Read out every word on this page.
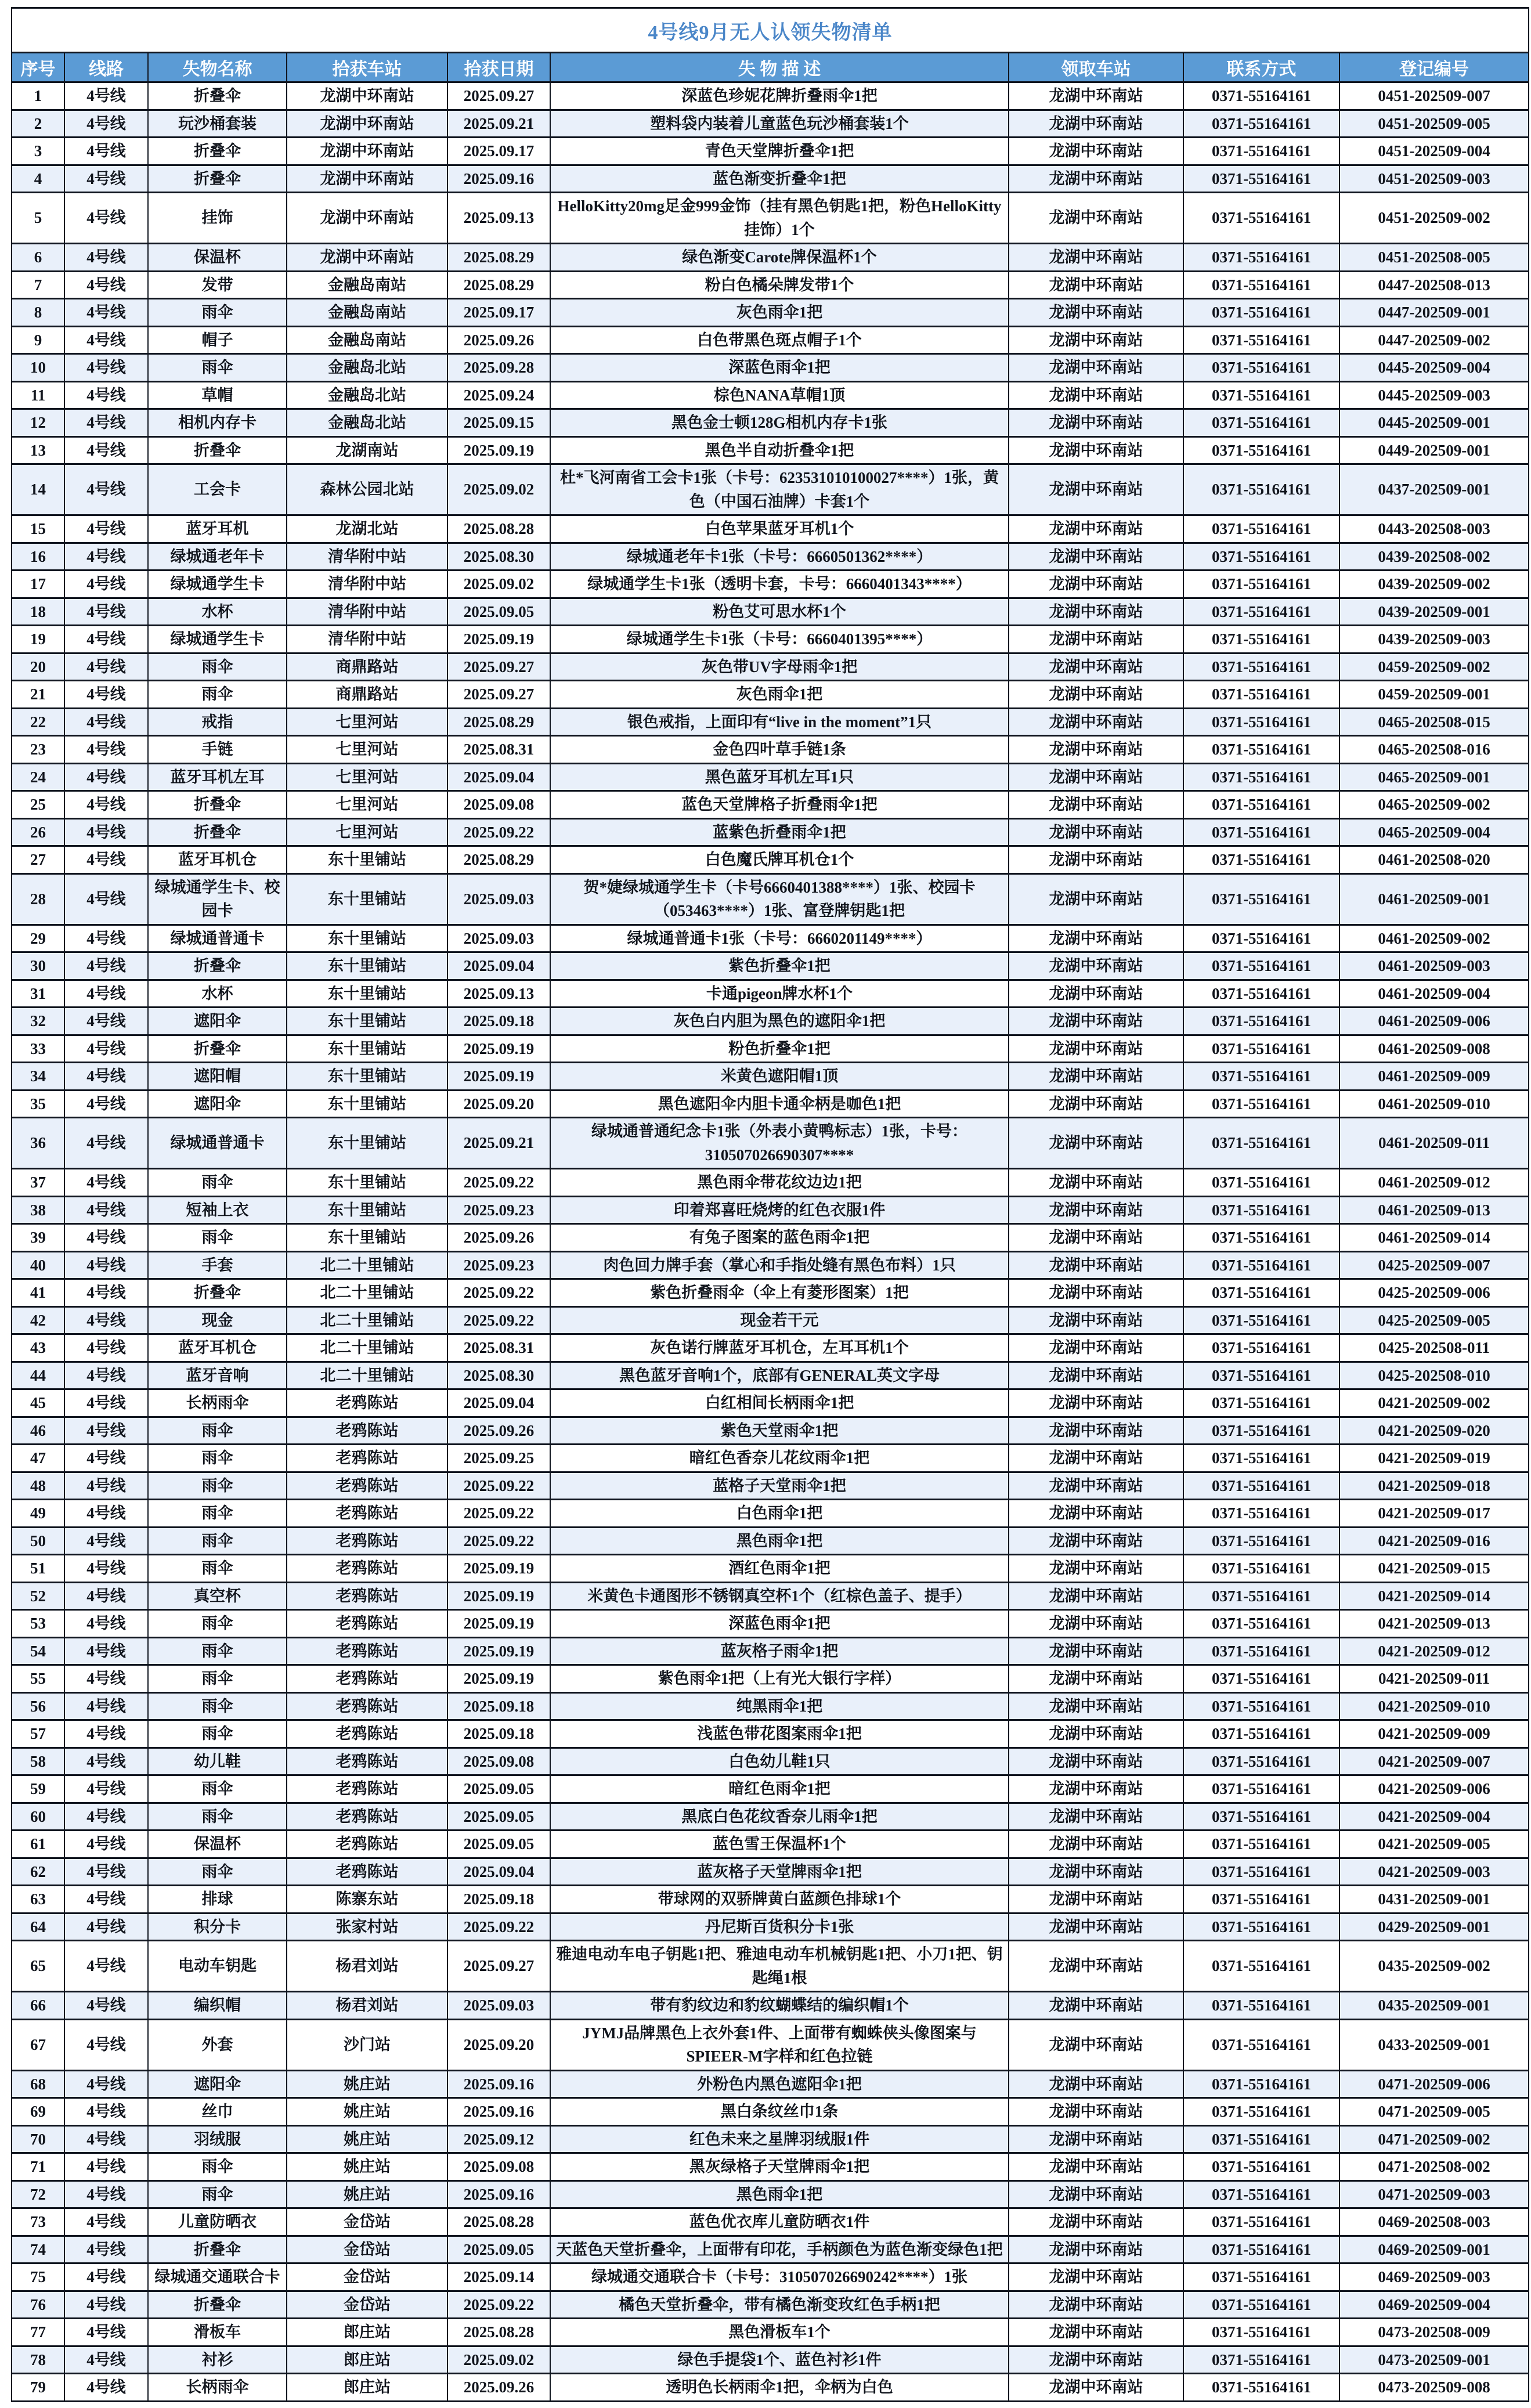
4号线9月无人认领失物清单								
序号	线路	失物名称	拾获车站	拾获日期	失 物 描 述	领取车站	联系方式	登记编号
1	4号线	折叠伞	龙湖中环南站	2025.09.27	深蓝色珍妮花牌折叠雨伞1把	龙湖中环南站	0371-55164161	0451-202509-007
2	4号线	玩沙桶套装	龙湖中环南站	2025.09.21	塑料袋内装着儿童蓝色玩沙桶套装1个	龙湖中环南站	0371-55164161	0451-202509-005
3	4号线	折叠伞	龙湖中环南站	2025.09.17	青色天堂牌折叠伞1把	龙湖中环南站	0371-55164161	0451-202509-004
4	4号线	折叠伞	龙湖中环南站	2025.09.16	蓝色渐变折叠伞1把	龙湖中环南站	0371-55164161	0451-202509-003
5	4号线	挂饰	龙湖中环南站	2025.09.13	HelloKitty20mg足金999金饰（挂有黑色钥匙1把，粉色HelloKitty挂饰）1个	龙湖中环南站	0371-55164161	0451-202509-002
6	4号线	保温杯	龙湖中环南站	2025.08.29	绿色渐变Carote牌保温杯1个	龙湖中环南站	0371-55164161	0451-202508-005
7	4号线	发带	金融岛南站	2025.08.29	粉白色橘朵牌发带1个	龙湖中环南站	0371-55164161	0447-202508-013
8	4号线	雨伞	金融岛南站	2025.09.17	灰色雨伞1把	龙湖中环南站	0371-55164161	0447-202509-001
9	4号线	帽子	金融岛南站	2025.09.26	白色带黑色斑点帽子1个	龙湖中环南站	0371-55164161	0447-202509-002
10	4号线	雨伞	金融岛北站	2025.09.28	深蓝色雨伞1把	龙湖中环南站	0371-55164161	0445-202509-004
11	4号线	草帽	金融岛北站	2025.09.24	棕色NANA草帽1顶	龙湖中环南站	0371-55164161	0445-202509-003
12	4号线	相机内存卡	金融岛北站	2025.09.15	黑色金士顿128G相机内存卡1张	龙湖中环南站	0371-55164161	0445-202509-001
13	4号线	折叠伞	龙湖南站	2025.09.19	黑色半自动折叠伞1把	龙湖中环南站	0371-55164161	0449-202509-001
14	4号线	工会卡	森林公园北站	2025.09.02	杜*飞河南省工会卡1张（卡号：623531010100027****）1张，黄色（中国石油牌）卡套1个	龙湖中环南站	0371-55164161	0437-202509-001
15	4号线	蓝牙耳机	龙湖北站	2025.08.28	白色苹果蓝牙耳机1个	龙湖中环南站	0371-55164161	0443-202508-003
16	4号线	绿城通老年卡	清华附中站	2025.08.30	绿城通老年卡1张（卡号：6660501362****）	龙湖中环南站	0371-55164161	0439-202508-002
17	4号线	绿城通学生卡	清华附中站	2025.09.02	绿城通学生卡1张（透明卡套，卡号：6660401343****）	龙湖中环南站	0371-55164161	0439-202509-002
18	4号线	水杯	清华附中站	2025.09.05	粉色艾可思水杯1个	龙湖中环南站	0371-55164161	0439-202509-001
19	4号线	绿城通学生卡	清华附中站	2025.09.19	绿城通学生卡1张（卡号：6660401395****）	龙湖中环南站	0371-55164161	0439-202509-003
20	4号线	雨伞	商鼎路站	2025.09.27	灰色带UV字母雨伞1把	龙湖中环南站	0371-55164161	0459-202509-002
21	4号线	雨伞	商鼎路站	2025.09.27	灰色雨伞1把	龙湖中环南站	0371-55164161	0459-202509-001
22	4号线	戒指	七里河站	2025.08.29	银色戒指，上面印有“live in the moment”1只	龙湖中环南站	0371-55164161	0465-202508-015
23	4号线	手链	七里河站	2025.08.31	金色四叶草手链1条	龙湖中环南站	0371-55164161	0465-202508-016
24	4号线	蓝牙耳机左耳	七里河站	2025.09.04	黑色蓝牙耳机左耳1只	龙湖中环南站	0371-55164161	0465-202509-001
25	4号线	折叠伞	七里河站	2025.09.08	蓝色天堂牌格子折叠雨伞1把	龙湖中环南站	0371-55164161	0465-202509-002
26	4号线	折叠伞	七里河站	2025.09.22	蓝紫色折叠雨伞1把	龙湖中环南站	0371-55164161	0465-202509-004
27	4号线	蓝牙耳机仓	东十里铺站	2025.08.29	白色魔氏牌耳机仓1个	龙湖中环南站	0371-55164161	0461-202508-020
28	4号线	绿城通学生卡、校园卡	东十里铺站	2025.09.03	贺*婕绿城通学生卡（卡号6660401388****）1张、校园卡（053463****）1张、富登牌钥匙1把	龙湖中环南站	0371-55164161	0461-202509-001
29	4号线	绿城通普通卡	东十里铺站	2025.09.03	绿城通普通卡1张（卡号：6660201149****）	龙湖中环南站	0371-55164161	0461-202509-002
30	4号线	折叠伞	东十里铺站	2025.09.04	紫色折叠伞1把	龙湖中环南站	0371-55164161	0461-202509-003
31	4号线	水杯	东十里铺站	2025.09.13	卡通pigeon牌水杯1个	龙湖中环南站	0371-55164161	0461-202509-004
32	4号线	遮阳伞	东十里铺站	2025.09.18	灰色白内胆为黑色的遮阳伞1把	龙湖中环南站	0371-55164161	0461-202509-006
33	4号线	折叠伞	东十里铺站	2025.09.19	粉色折叠伞1把	龙湖中环南站	0371-55164161	0461-202509-008
34	4号线	遮阳帽	东十里铺站	2025.09.19	米黄色遮阳帽1顶	龙湖中环南站	0371-55164161	0461-202509-009
35	4号线	遮阳伞	东十里铺站	2025.09.20	黑色遮阳伞内胆卡通伞柄是咖色1把	龙湖中环南站	0371-55164161	0461-202509-010
36	4号线	绿城通普通卡	东十里铺站	2025.09.21	绿城通普通纪念卡1张（外表小黄鸭标志）1张，卡号：310507026690307****	龙湖中环南站	0371-55164161	0461-202509-011
37	4号线	雨伞	东十里铺站	2025.09.22	黑色雨伞带花纹边边1把	龙湖中环南站	0371-55164161	0461-202509-012
38	4号线	短袖上衣	东十里铺站	2025.09.23	印着郑喜旺烧烤的红色衣服1件	龙湖中环南站	0371-55164161	0461-202509-013
39	4号线	雨伞	东十里铺站	2025.09.26	有兔子图案的蓝色雨伞1把	龙湖中环南站	0371-55164161	0461-202509-014
40	4号线	手套	北二十里铺站	2025.09.23	肉色回力牌手套（掌心和手指处缝有黑色布料）1只	龙湖中环南站	0371-55164161	0425-202509-007
41	4号线	折叠伞	北二十里铺站	2025.09.22	紫色折叠雨伞（伞上有菱形图案）1把	龙湖中环南站	0371-55164161	0425-202509-006
42	4号线	现金	北二十里铺站	2025.09.22	现金若干元	龙湖中环南站	0371-55164161	0425-202509-005
43	4号线	蓝牙耳机仓	北二十里铺站	2025.08.31	灰色诺行牌蓝牙耳机仓，左耳耳机1个	龙湖中环南站	0371-55164161	0425-202508-011
44	4号线	蓝牙音响	北二十里铺站	2025.08.30	黑色蓝牙音响1个，底部有GENERAL英文字母	龙湖中环南站	0371-55164161	0425-202508-010
45	4号线	长柄雨伞	老鸦陈站	2025.09.04	白红相间长柄雨伞1把	龙湖中环南站	0371-55164161	0421-202509-002
46	4号线	雨伞	老鸦陈站	2025.09.26	紫色天堂雨伞1把	龙湖中环南站	0371-55164161	0421-202509-020
47	4号线	雨伞	老鸦陈站	2025.09.25	暗红色香奈儿花纹雨伞1把	龙湖中环南站	0371-55164161	0421-202509-019
48	4号线	雨伞	老鸦陈站	2025.09.22	蓝格子天堂雨伞1把	龙湖中环南站	0371-55164161	0421-202509-018
49	4号线	雨伞	老鸦陈站	2025.09.22	白色雨伞1把	龙湖中环南站	0371-55164161	0421-202509-017
50	4号线	雨伞	老鸦陈站	2025.09.22	黑色雨伞1把	龙湖中环南站	0371-55164161	0421-202509-016
51	4号线	雨伞	老鸦陈站	2025.09.19	酒红色雨伞1把	龙湖中环南站	0371-55164161	0421-202509-015
52	4号线	真空杯	老鸦陈站	2025.09.19	米黄色卡通图形不锈钢真空杯1个（红棕色盖子、提手）	龙湖中环南站	0371-55164161	0421-202509-014
53	4号线	雨伞	老鸦陈站	2025.09.19	深蓝色雨伞1把	龙湖中环南站	0371-55164161	0421-202509-013
54	4号线	雨伞	老鸦陈站	2025.09.19	蓝灰格子雨伞1把	龙湖中环南站	0371-55164161	0421-202509-012
55	4号线	雨伞	老鸦陈站	2025.09.19	紫色雨伞1把（上有光大银行字样）	龙湖中环南站	0371-55164161	0421-202509-011
56	4号线	雨伞	老鸦陈站	2025.09.18	纯黑雨伞1把	龙湖中环南站	0371-55164161	0421-202509-010
57	4号线	雨伞	老鸦陈站	2025.09.18	浅蓝色带花图案雨伞1把	龙湖中环南站	0371-55164161	0421-202509-009
58	4号线	幼儿鞋	老鸦陈站	2025.09.08	白色幼儿鞋1只	龙湖中环南站	0371-55164161	0421-202509-007
59	4号线	雨伞	老鸦陈站	2025.09.05	暗红色雨伞1把	龙湖中环南站	0371-55164161	0421-202509-006
60	4号线	雨伞	老鸦陈站	2025.09.05	黑底白色花纹香奈儿雨伞1把	龙湖中环南站	0371-55164161	0421-202509-004
61	4号线	保温杯	老鸦陈站	2025.09.05	蓝色雪王保温杯1个	龙湖中环南站	0371-55164161	0421-202509-005
62	4号线	雨伞	老鸦陈站	2025.09.04	蓝灰格子天堂牌雨伞1把	龙湖中环南站	0371-55164161	0421-202509-003
63	4号线	排球	陈寨东站	2025.09.18	带球网的双骄牌黄白蓝颜色排球1个	龙湖中环南站	0371-55164161	0431-202509-001
64	4号线	积分卡	张家村站	2025.09.22	丹尼斯百货积分卡1张	龙湖中环南站	0371-55164161	0429-202509-001
65	4号线	电动车钥匙	杨君刘站	2025.09.27	雅迪电动车电子钥匙1把、雅迪电动车机械钥匙1把、小刀1把、钥匙绳1根	龙湖中环南站	0371-55164161	0435-202509-002
66	4号线	编织帽	杨君刘站	2025.09.03	带有豹纹边和豹纹蝴蝶结的编织帽1个	龙湖中环南站	0371-55164161	0435-202509-001
67	4号线	外套	沙门站	2025.09.20	JYMJ品牌黑色上衣外套1件、上面带有蜘蛛侠头像图案与SPIEER-M字样和红色拉链	龙湖中环南站	0371-55164161	0433-202509-001
68	4号线	遮阳伞	姚庄站	2025.09.16	外粉色内黑色遮阳伞1把	龙湖中环南站	0371-55164161	0471-202509-006
69	4号线	丝巾	姚庄站	2025.09.16	黑白条纹丝巾1条	龙湖中环南站	0371-55164161	0471-202509-005
70	4号线	羽绒服	姚庄站	2025.09.12	红色未来之星牌羽绒服1件	龙湖中环南站	0371-55164161	0471-202509-002
71	4号线	雨伞	姚庄站	2025.09.08	黑灰绿格子天堂牌雨伞1把	龙湖中环南站	0371-55164161	0471-202508-002
72	4号线	雨伞	姚庄站	2025.09.16	黑色雨伞1把	龙湖中环南站	0371-55164161	0471-202509-003
73	4号线	儿童防晒衣	金岱站	2025.08.28	蓝色优衣库儿童防晒衣1件	龙湖中环南站	0371-55164161	0469-202508-003
74	4号线	折叠伞	金岱站	2025.09.05	天蓝色天堂折叠伞，上面带有印花，手柄颜色为蓝色渐变绿色1把	龙湖中环南站	0371-55164161	0469-202509-001
75	4号线	绿城通交通联合卡	金岱站	2025.09.14	绿城通交通联合卡（卡号：310507026690242****）1张	龙湖中环南站	0371-55164161	0469-202509-003
76	4号线	折叠伞	金岱站	2025.09.22	橘色天堂折叠伞，带有橘色渐变玫红色手柄1把	龙湖中环南站	0371-55164161	0469-202509-004
77	4号线	滑板车	郎庄站	2025.08.28	黑色滑板车1个	龙湖中环南站	0371-55164161	0473-202508-009
78	4号线	衬衫	郎庄站	2025.09.02	绿色手提袋1个、蓝色衬衫1件	龙湖中环南站	0371-55164161	0473-202509-001
79	4号线	长柄雨伞	郎庄站	2025.09.26	透明色长柄雨伞1把，伞柄为白色	龙湖中环南站	0371-55164161	0473-202509-008
